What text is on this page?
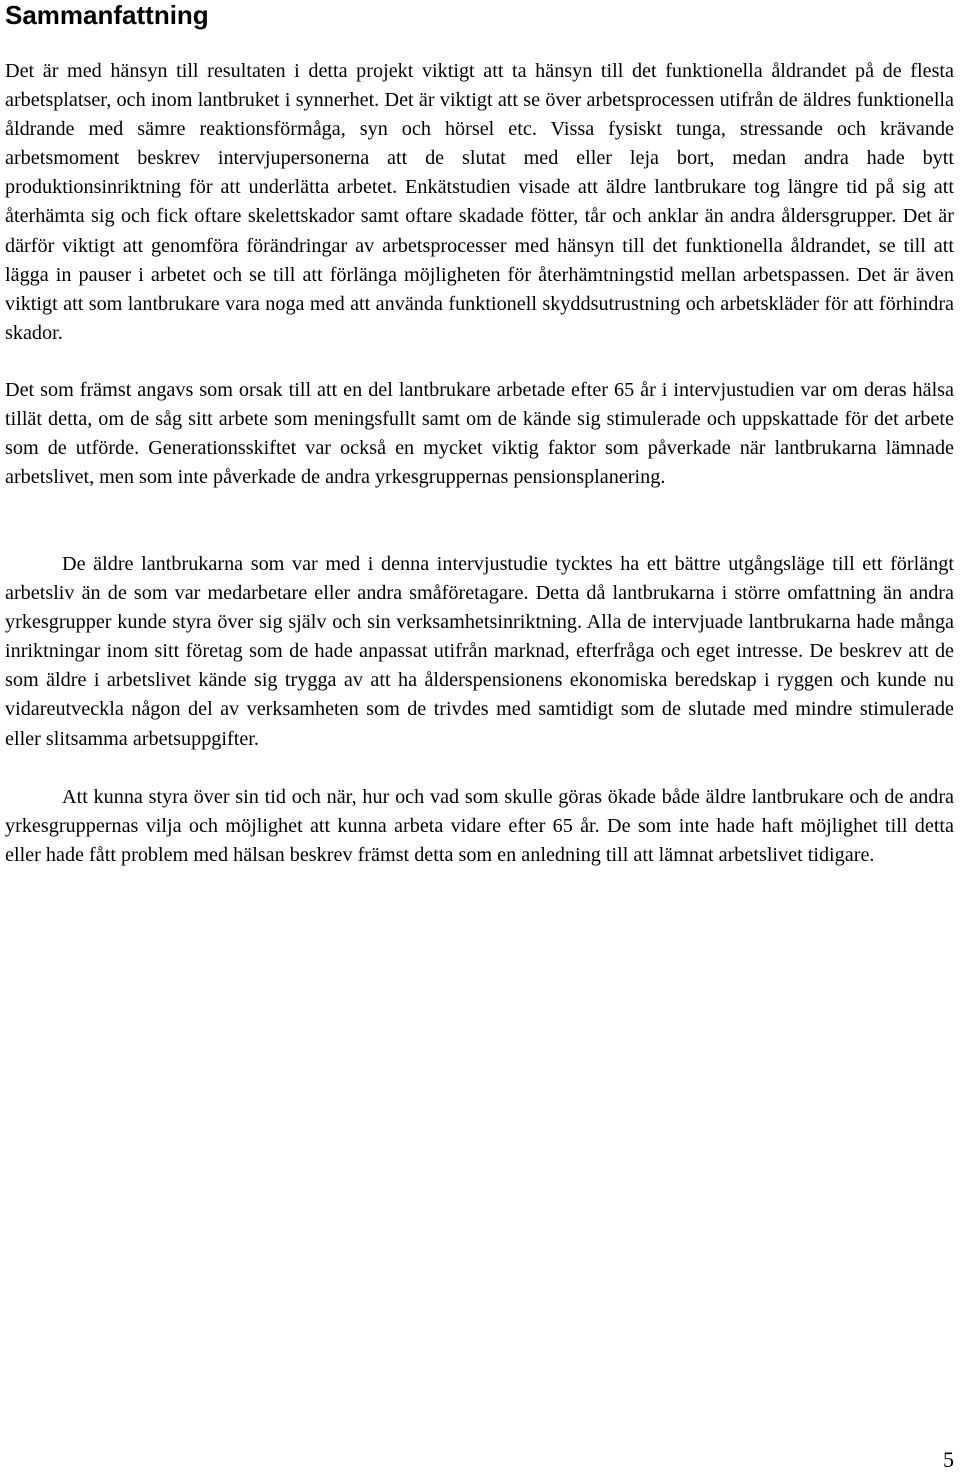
Sammanfattning

Det är med hänsyn till resultaten i detta projekt viktigt att ta hänsyn till det funktionella åldrandet på de flesta arbetsplatser, och inom lantbruket i synnerhet. Det är viktigt att se över arbetsprocessen utifrån de äldres funktionella åldrande med sämre reaktionsförmåga, syn och hörsel etc. Vissa fysiskt tunga, stressande och krävande arbetsmoment beskrev intervjupersonerna att de slutat med eller leja bort, medan andra hade bytt produktionsinriktning för att underlätta arbetet. Enkätstudien visade att äldre lantbrukare tog längre tid på sig att återhämta sig och fick oftare skelettskador samt oftare skadade fötter, tår och anklar än andra åldersgrupper. Det är därför viktigt att genomföra förändringar av arbetsprocesser med hänsyn till det funktionella åldrandet, se till att lägga in pauser i arbetet och se till att förlänga möjligheten för återhämtningstid mellan arbetspassen. Det är även viktigt att som lantbrukare vara noga med att använda funktionell skyddsutrustning och arbetskläder för att förhindra skador.

Det som främst angavs som orsak till att en del lantbrukare arbetade efter 65 år i intervjustudien var om deras hälsa tillät detta, om de såg sitt arbete som meningsfullt samt om de kände sig stimulerade och uppskattade för det arbete som de utförde. Generationsskiftet var också en mycket viktig faktor som påverkade när lantbrukarna lämnade arbetslivet, men som inte påverkade de andra yrkesgruppernas pensionsplanering.

De äldre lantbrukarna som var med i denna intervjustudie tycktes ha ett bättre utgångsläge till ett förlängt arbetsliv än de som var medarbetare eller andra småföretagare. Detta då lantbrukarna i större omfattning än andra yrkesgrupper kunde styra över sig själv och sin verksamhetsinriktning. Alla de intervjuade lantbrukarna hade många inriktningar inom sitt företag som de hade anpassat utifrån marknad, efterfråga och eget intresse. De beskrev att de som äldre i arbetslivet kände sig trygga av att ha ålderspensionens ekonomiska beredskap i ryggen och kunde nu vidareutveckla någon del av verksamheten som de trivdes med samtidigt som de slutade med mindre stimulerade eller slitsamma arbetsuppgifter.

Att kunna styra över sin tid och när, hur och vad som skulle göras ökade både äldre lantbrukare och de andra yrkesgruppernas vilja och möjlighet att kunna arbeta vidare efter 65 år. De som inte hade haft möjlighet till detta eller hade fått problem med hälsan beskrev främst detta som en anledning till att lämnat arbetslivet tidigare.

5
